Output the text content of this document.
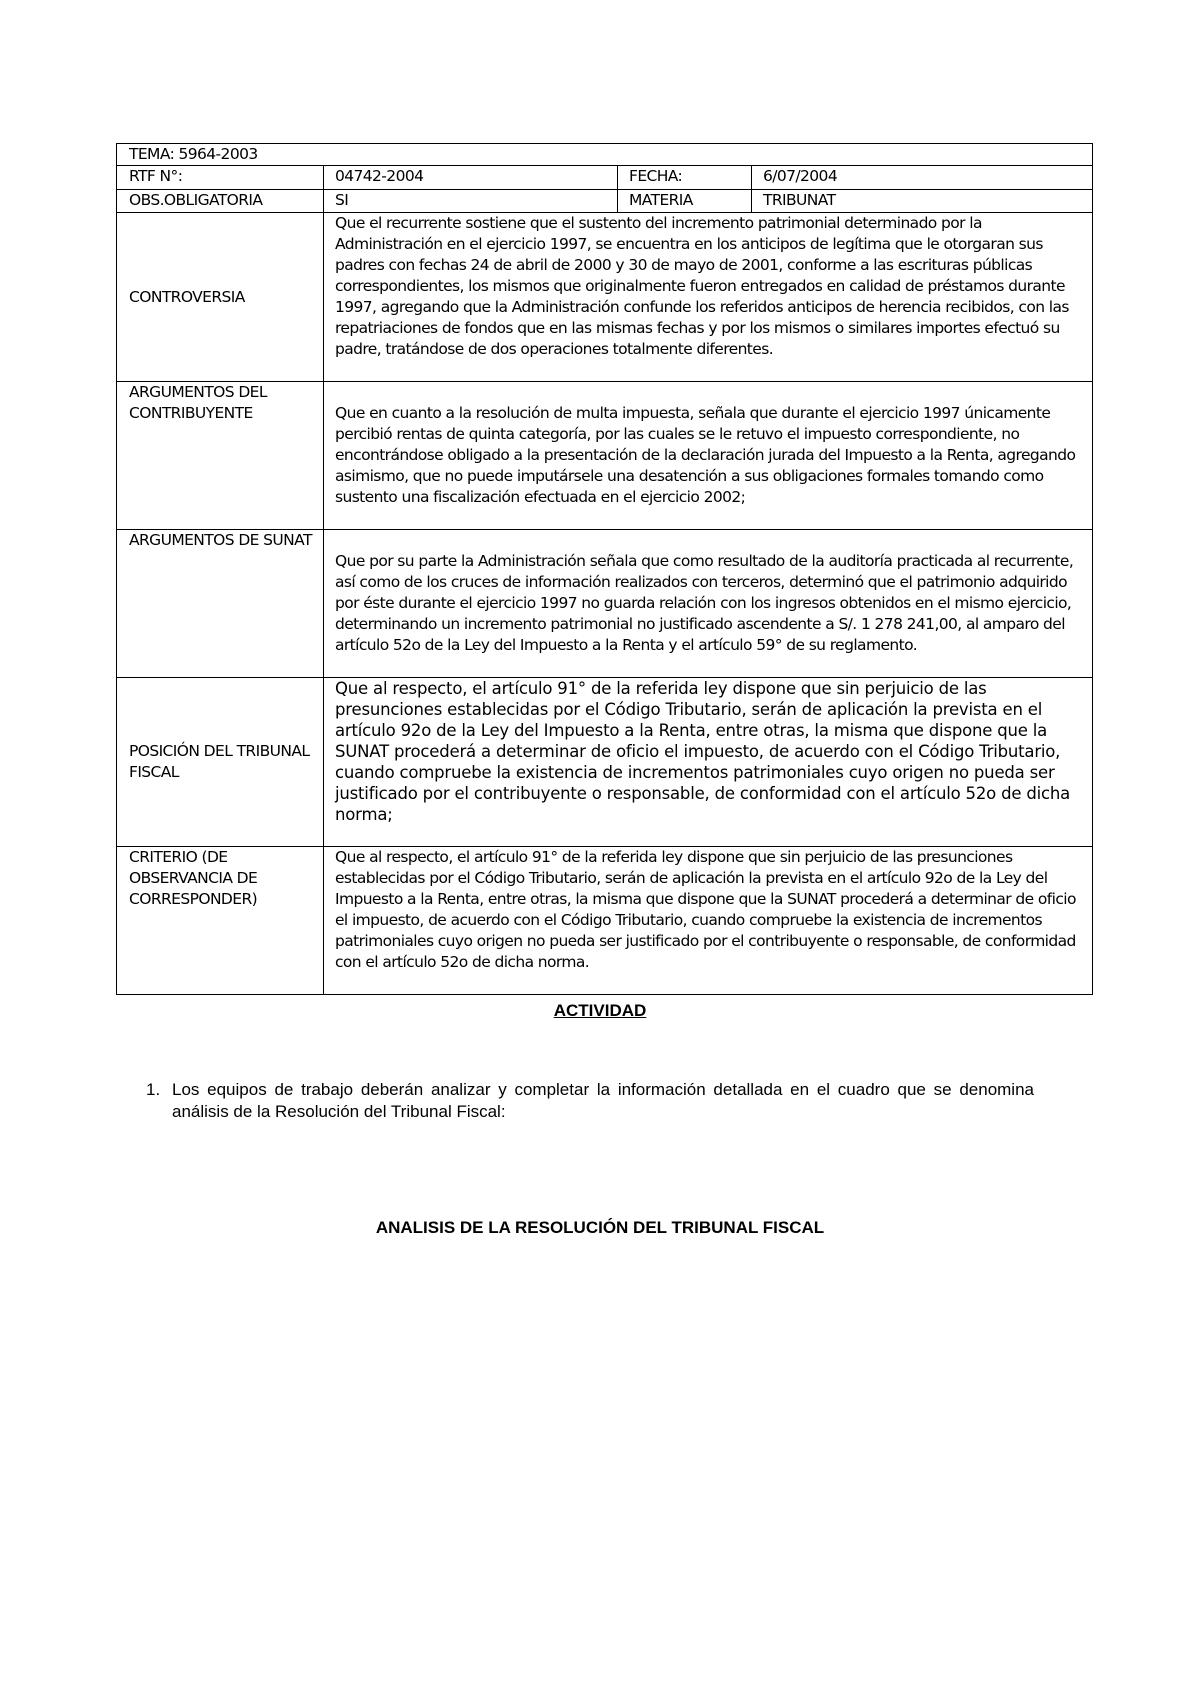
TEMA: 5964-2003			
RTF N°:	04742-2004	FECHA:	6/07/2004
OBS.OBLIGATORIA	SI	MATERIA	TRIBUNAT
CONTROVERSIA	Que el recurrente sostiene que el sustento del incremento patrimonial determinado por la Administración en el ejercicio 1997, se encuentra en los anticipos de legítima que le otorgaran sus padres con fechas 24 de abril de 2000 y 30 de mayo de 2001, conforme a las escrituras públicas correspondientes, los mismos que originalmente fueron entregados en calidad de préstamos durante 1997, agregando que la Administración confunde los referidos anticipos de herencia recibidos, con las repatriaciones de fondos que en las mismas fechas y por los mismos o similares importes efectuó su padre, tratándose de dos operaciones totalmente diferentes.		
ARGUMENTOS DEL CONTRIBUYENTE	Que en cuanto a la resolución de multa impuesta, señala que durante el ejercicio 1997 únicamente percibió rentas de quinta categoría, por las cuales se le retuvo el impuesto correspondiente, no encontrándose obligado a la presentación de la declaración jurada del Impuesto a la Renta, agregando asimismo, que no puede imputársele una desatención a sus obligaciones formales tomando como sustento una fiscalización efectuada en el ejercicio 2002;		
ARGUMENTOS DE SUNAT	Que por su parte la Administración señala que como resultado de la auditoría practicada al recurrente, así como de los cruces de información realizados con terceros, determinó que el patrimonio adquirido por éste durante el ejercicio 1997 no guarda relación con los ingresos obtenidos en el mismo ejercicio, determinando un incremento patrimonial no justificado ascendente a S/. 1 278 241,00, al amparo del artículo 52o de la Ley del Impuesto a la Renta y el artículo 59° de su reglamento.		
POSICIÓN DEL TRIBUNAL FISCAL	Que al respecto, el artículo 91° de la referida ley dispone que sin perjuicio de las presunciones establecidas por el Código Tributario, serán de aplicación la prevista en el artículo 92o de la Ley del Impuesto a la Renta, entre otras, la misma que dispone que la SUNAT procederá a determinar de oficio el impuesto, de acuerdo con el Código Tributario, cuando compruebe la existencia de incrementos patrimoniales cuyo origen no pueda ser justificado por el contribuyente o responsable, de conformidad con el artículo 52o de dicha norma;		
CRITERIO (DE OBSERVANCIA DE CORRESPONDER)	Que al respecto, el artículo 91° de la referida ley dispone que sin perjuicio de las presunciones establecidas por el Código Tributario, serán de aplicación la prevista en el artículo 92o de la Ley del Impuesto a la Renta, entre otras, la misma que dispone que la SUNAT procederá a determinar de oficio el impuesto, de acuerdo con el Código Tributario, cuando compruebe la existencia de incrementos patrimoniales cuyo origen no pueda ser justificado por el contribuyente o responsable, de conformidad con el artículo 52o de dicha norma.		
ACTIVIDAD
1. Los equipos de trabajo deberán analizar y completar la información detallada en el cuadro que se denomina análisis de la Resolución del Tribunal Fiscal:
ANALISIS DE LA RESOLUCIÓN DEL TRIBUNAL FISCAL
